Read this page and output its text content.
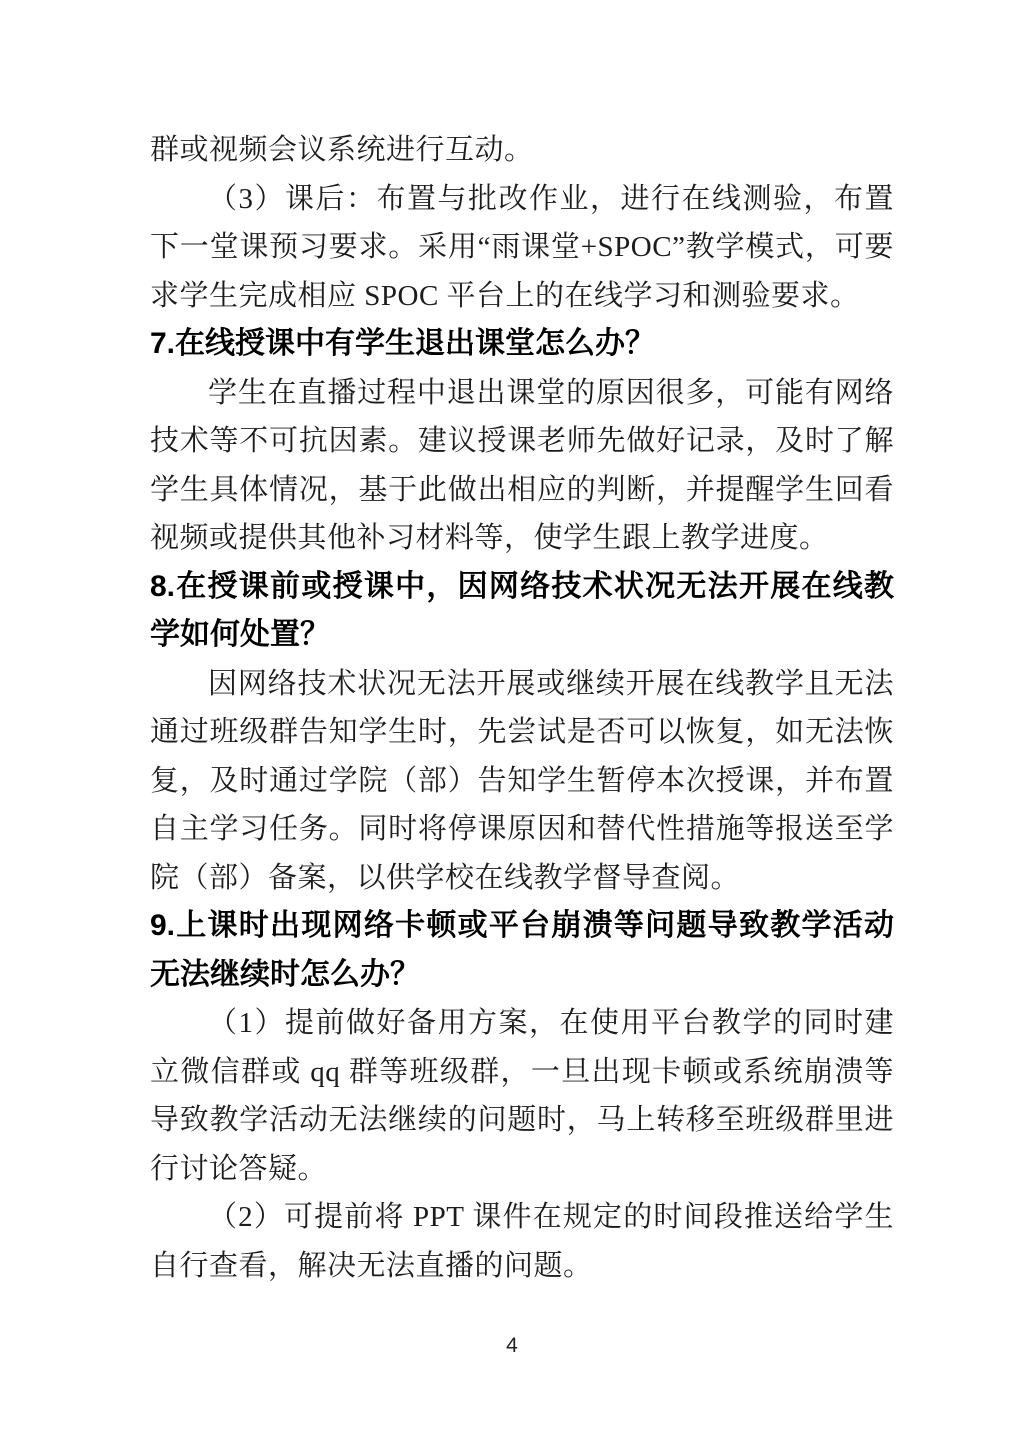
群或视频会议系统进行互动。

（3）课后：布置与批改作业，进行在线测验，布置下一堂课预习要求。采用“雨课堂+SPOC”教学模式，可要求学生完成相应 SPOC 平台上的在线学习和测验要求。

7.在线授课中有学生退出课堂怎么办？

学生在直播过程中退出课堂的原因很多，可能有网络技术等不可抗因素。建议授课老师先做好记录，及时了解学生具体情况，基于此做出相应的判断，并提醒学生回看视频或提供其他补习材料等，使学生跟上教学进度。

8.在授课前或授课中，因网络技术状况无法开展在线教学如何处置？

因网络技术状况无法开展或继续开展在线教学且无法通过班级群告知学生时，先尝试是否可以恢复，如无法恢复，及时通过学院（部）告知学生暂停本次授课，并布置自主学习任务。同时将停课原因和替代性措施等报送至学院（部）备案，以供学校在线教学督导查阅。

9.上课时出现网络卡顿或平台崩溃等问题导致教学活动无法继续时怎么办？

（1）提前做好备用方案，在使用平台教学的同时建立微信群或 qq 群等班级群，一旦出现卡顿或系统崩溃等导致教学活动无法继续的问题时，马上转移至班级群里进行讨论答疑。

（2）可提前将 PPT 课件在规定的时间段推送给学生自行查看，解决无法直播的问题。

4
